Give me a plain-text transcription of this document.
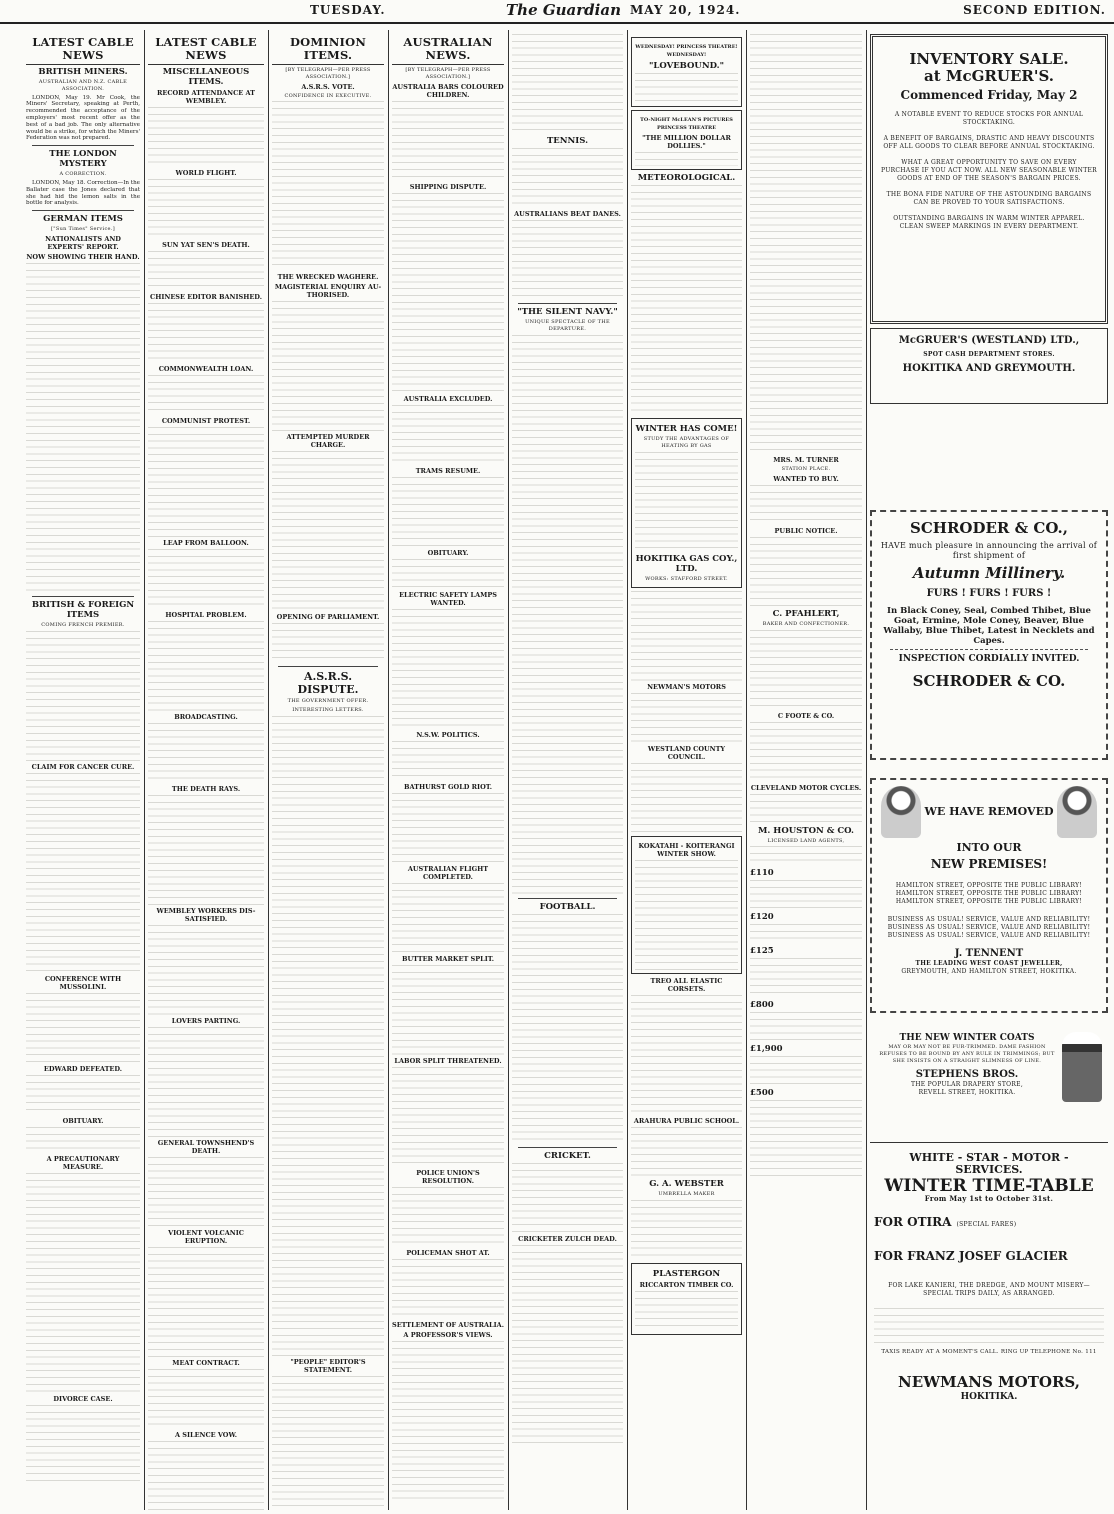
TUESDAY.	The Guardian MAY 20, 1924.	SECOND EDITION.

LATEST CABLE NEWS

BRITISH MINERS.

AUSTRALIAN AND N.Z. CABLE ASSOCIATION.

LONDON, May 19. Mr Cook, the Miners' Secretary, speaking at Perth, recommended the acceptance of the employers' most recent offer as the best of a bad job. The only alternative would be a strike, for which the Miners' Federation was not prepared.

THE LONDON MYSTERY

A CORRECTION.

LONDON, May 18. Correction—In the Ballater case the Jones declared that she had hid the lemon salts in the bottle for analysis.

GERMAN ITEMS

["Sun Times" Service.]

NATIONALISTS AND EXPERTS' REPORT.

NOW SHOWING THEIR HAND.

BRITISH & FOREIGN ITEMS

COMING FRENCH PREMIER.

CLAIM FOR CANCER CURE.

CONFERENCE WITH MUSSOLINI.

EDWARD DEFEATED.

OBITUARY.

A PRECAUTIONARY MEASURE.

DIVORCE CASE.

LATEST CABLE NEWS

MISCELLANEOUS ITEMS.

RECORD ATTENDANCE AT WEMBLEY.

WORLD FLIGHT.

SUN YAT SEN'S DEATH.

CHINESE EDITOR BANISHED.

COMMONWEALTH LOAN.

COMMUNIST PROTEST.

LEAP FROM BALLOON.

HOSPITAL PROBLEM.

BROADCASTING.

THE DEATH RAYS.

WEMBLEY WORKERS DIS-SATISFIED.

LOVERS PARTING.

GENERAL TOWNSHEND'S DEATH.

VIOLENT VOLCANIC ERUPTION.

MEAT CONTRACT.

A SILENCE VOW.

DOMINION ITEMS.

[BY TELEGRAPH—PER PRESS ASSOCIATION.]

A.S.R.S. VOTE.

CONFIDENCE IN EXECUTIVE.

THE WRECKED WAGHERE.

MAGISTERIAL ENQUIRY AU-THORISED.

ATTEMPTED MURDER CHARGE.

OPENING OF PARLIAMENT.

A.S.R.S. DISPUTE.

THE GOVERNMENT OFFER.

INTERESTING LETTERS.

"PEOPLE" EDITOR'S STATEMENT.

AUSTRALIAN NEWS.

[BY TELEGRAPH—PER PRESS ASSOCIATION.]

AUSTRALIA BARS COLOURED CHILDREN.

SHIPPING DISPUTE.

AUSTRALIA EXCLUDED.

TRAMS RESUME.

OBITUARY.

ELECTRIC SAFETY LAMPS WANTED.

N.S.W. POLITICS.

BATHURST GOLD RIOT.

AUSTRALIAN FLIGHT COMPLETED.

BUTTER MARKET SPLIT.

LABOR SPLIT THREATENED.

POLICE UNION'S RESOLUTION.

POLICEMAN SHOT AT.

SETTLEMENT OF AUSTRALIA.

A PROFESSOR'S VIEWS.

TENNIS.

AUSTRALIANS BEAT DANES.

"THE SILENT NAVY."

UNIQUE SPECTACLE OF THE DEPARTURE.

FOOTBALL.

CRICKET.

CRICKETER ZULCH DEAD.

WEDNESDAY! PRINCESS THEATRE! WEDNESDAY!

"LOVEBOUND."

TO-NIGHT McLEAN'S PICTURES PRINCESS THEATRE

"THE MILLION DOLLAR DOLLIES."

METEOROLOGICAL.

WINTER HAS COME!

STUDY THE ADVANTAGES OF HEATING BY GAS

HOKITIKA GAS COY., LTD.

WORKS: STAFFORD STREET.

NEWMAN'S MOTORS

WESTLAND COUNTY COUNCIL.

KOKATAHI - KOITERANGI WINTER SHOW.

TREO ALL ELASTIC CORSETS.

ARAHURA PUBLIC SCHOOL.

G. A. WEBSTER

UMBRELLA MAKER

PLASTERGON

RICCARTON TIMBER CO.

MRS. M. TURNER

STATION PLACE.

WANTED TO BUY.

PUBLIC NOTICE.

C. PFAHLERT,

BAKER AND CONFECTIONER.

C FOOTE & CO.

CLEVELAND MOTOR CYCLES.

M. HOUSTON & CO.

LICENSED LAND AGENTS,

£110

£120

£125

£800

£1,900

£500

INVENTORY SALE.
at McGRUER'S.
Commenced Friday, May 2
A NOTABLE EVENT TO REDUCE STOCKS FOR ANNUAL STOCKTAKING.
A BENEFIT OF BARGAINS, DRASTIC AND HEAVY DISCOUNTS OFF ALL GOODS TO CLEAR BEFORE ANNUAL STOCKTAKING.
WHAT A GREAT OPPORTUNITY TO SAVE ON EVERY PURCHASE IF YOU ACT NOW. ALL NEW SEASONABLE WINTER GOODS AT END OF THE SEASON'S BARGAIN PRICES.
THE BONA FIDE NATURE OF THE ASTOUNDING BARGAINS CAN BE PROVED TO YOUR SATISFACTIONS.
OUTSTANDING BARGAINS IN WARM WINTER APPAREL. CLEAN SWEEP MARKINGS IN EVERY DEPARTMENT.
McGRUER'S (WESTLAND) LTD.,
SPOT CASH DEPARTMENT STORES.
HOKITIKA AND GREYMOUTH.
SCHRODER & CO.,
HAVE much pleasure in announcing the arrival of first shipment of
Autumn Millinery.
FURS ! FURS ! FURS !
In Black Coney, Seal, Combed Thibet, Blue Goat, Ermine, Mole Coney, Beaver, Blue Wallaby, Blue Thibet, Latest in Necklets and Capes.
INSPECTION CORDIALLY INVITED.
SCHRODER & CO.
WE HAVE REMOVED
INTO OUR
NEW PREMISES!
HAMILTON STREET, OPPOSITE THE PUBLIC LIBRARY!
HAMILTON STREET, OPPOSITE THE PUBLIC LIBRARY!
HAMILTON STREET, OPPOSITE THE PUBLIC LIBRARY!
BUSINESS AS USUAL! SERVICE, VALUE AND RELIABILITY!
BUSINESS AS USUAL! SERVICE, VALUE AND RELIABILITY!
BUSINESS AS USUAL! SERVICE, VALUE AND RELIABILITY!
J. TENNENT
THE LEADING WEST COAST JEWELLER,
GREYMOUTH, AND HAMILTON STREET, HOKITIKA.
THE NEW WINTER COATS
MAY OR MAY NOT BE FUR-TRIMMED. DAME FASHION REFUSES TO BE BOUND BY ANY RULE IN TRIMMINGS; BUT SHE INSISTS ON A STRAIGHT SLIMNESS OF LINE.
STEPHENS BROS.
THE POPULAR DRAPERY STORE,
REVELL STREET, HOKITIKA.
WHITE - STAR - MOTOR - SERVICES.
WINTER TIME-TABLE
From May 1st to October 31st.
FOR OTIRA (SPECIAL FARES)
FOR FRANZ JOSEF GLACIER
FOR LAKE KANIERI, THE DREDGE, AND MOUNT MISERY—SPECIAL TRIPS DAILY, AS ARRANGED.
TAXIS READY AT A MOMENT'S CALL. RING UP TELEPHONE No. 111
NEWMANS MOTORS,
HOKITIKA.
